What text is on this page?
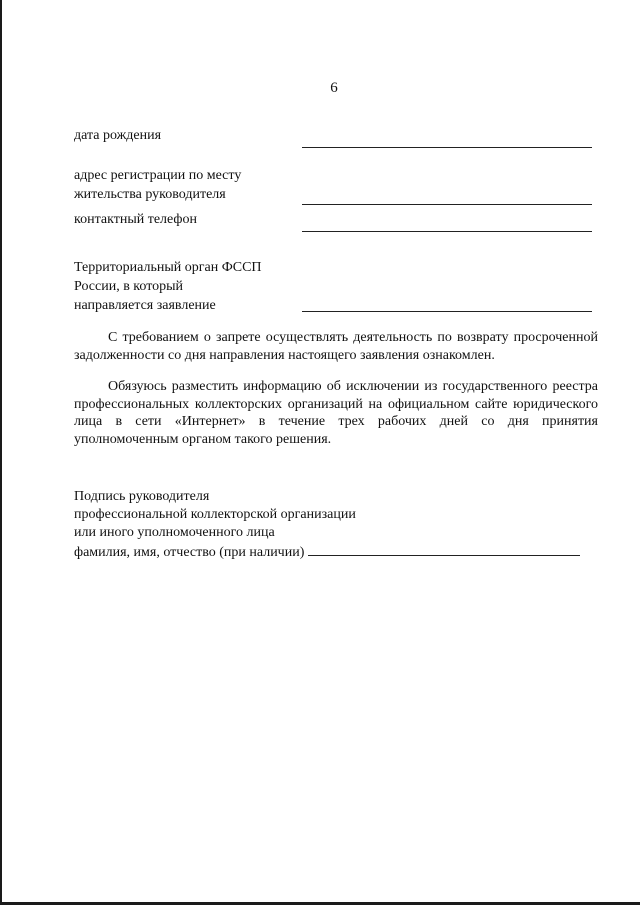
6
дата рождения
адрес регистрации по месту жительства руководителя
контактный телефон
Территориальный орган ФССП России, в который направляется заявление

С требованием о запрете осуществлять деятельность по возврату просроченной задолженности со дня направления настоящего заявления ознакомлен.

Обязуюсь разместить информацию об исключении из государственного реестра профессиональных коллекторских организаций на официальном сайте юридического лица в сети «Интернет» в течение трех рабочих дней со дня принятия уполномоченным органом такого решения.

Подпись руководителя
профессиональной коллекторской организации
или иного уполномоченного лица
фамилия, имя, отчество (при наличии)
